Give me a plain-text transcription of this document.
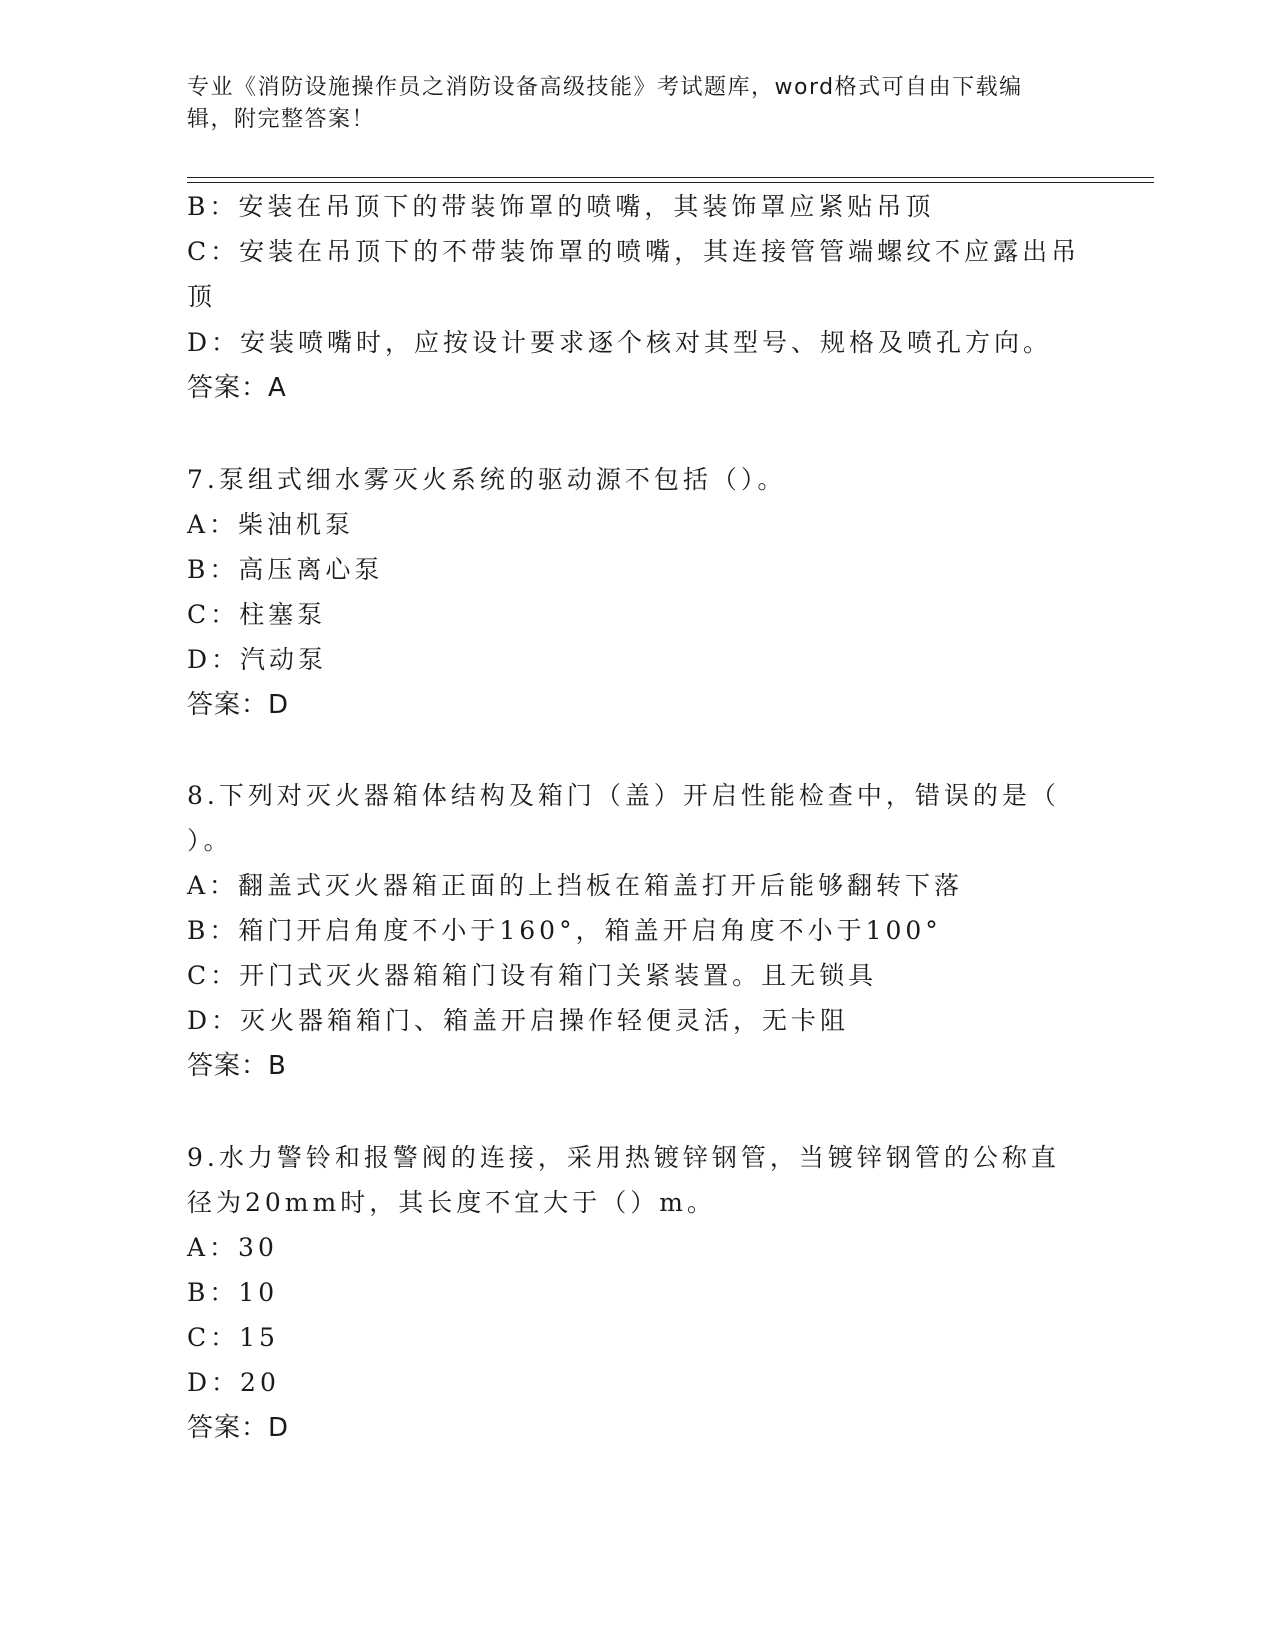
专业《消防设施操作员之消防设备高级技能》考试题库，word格式可自由下载编辑，附完整答案！
B：安装在吊顶下的带装饰罩的喷嘴，其装饰罩应紧贴吊顶
C：安装在吊顶下的不带装饰罩的喷嘴，其连接管管端螺纹不应露出吊
顶
D：安装喷嘴时，应按设计要求逐个核对其型号、规格及喷孔方向。
答案：A
7.泵组式细水雾灭火系统的驱动源不包括（）。
A：柴油机泵
B：高压离心泵
C：柱塞泵
D：汽动泵
答案：D
8.下列对灭火器箱体结构及箱门（盖）开启性能检查中，错误的是（
）。
A：翻盖式灭火器箱正面的上挡板在箱盖打开后能够翻转下落
B：箱门开启角度不小于160°，箱盖开启角度不小于100°
C：开门式灭火器箱箱门设有箱门关紧装置。且无锁具
D：灭火器箱箱门、箱盖开启操作轻便灵活，无卡阻
答案：B
9.水力警铃和报警阀的连接，采用热镀锌钢管，当镀锌钢管的公称直
径为20mm时，其长度不宜大于（）m。
A：30
B：10
C：15
D：20
答案：D
